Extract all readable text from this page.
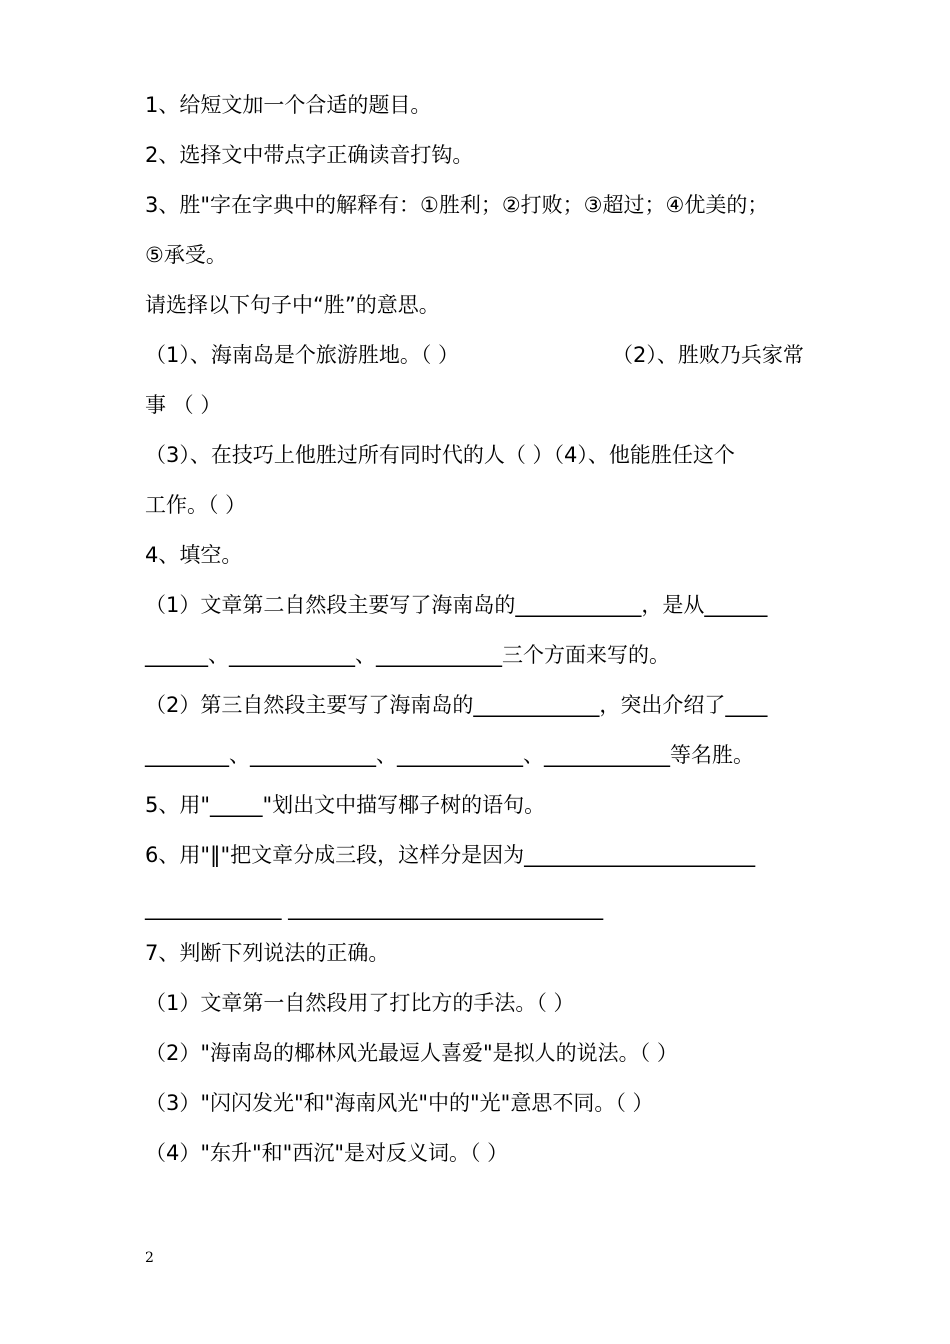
1、给短文加一个合适的题目。
2、选择文中带点字正确读音打钩。
3、胜"字在字典中的解释有：①胜利；②打败；③超过；④优美的；
⑤承受。
请选择以下句子中“胜”的意思。
（1）、海南岛是个旅游胜地。（ ）	（2）、胜败乃兵家常
事 （ ）
（3）、在技巧上他胜过所有同时代的人（ ）（4）、他能胜任这个
工作。（ ）
4、填空。
（1）文章第二自然段主要写了海南岛的____________，是从______
______、____________、____________三个方面来写的。
（2）第三自然段主要写了海南岛的____________，突出介绍了____
________、____________、____________、____________等名胜。
5、用"_____"划出文中描写椰子树的语句。
6、用"‖"把文章分成三段，这样分是因为______________________
_____________ ______________________________
7、判断下列说法的正确。
（1）文章第一自然段用了打比方的手法。（ ）
（2）"海南岛的椰林风光最逗人喜爱"是拟人的说法。（ ）
（3）"闪闪发光"和"海南风光"中的"光"意思不同。（ ）
（4）"东升"和"西沉"是对反义词。（ ）
2
